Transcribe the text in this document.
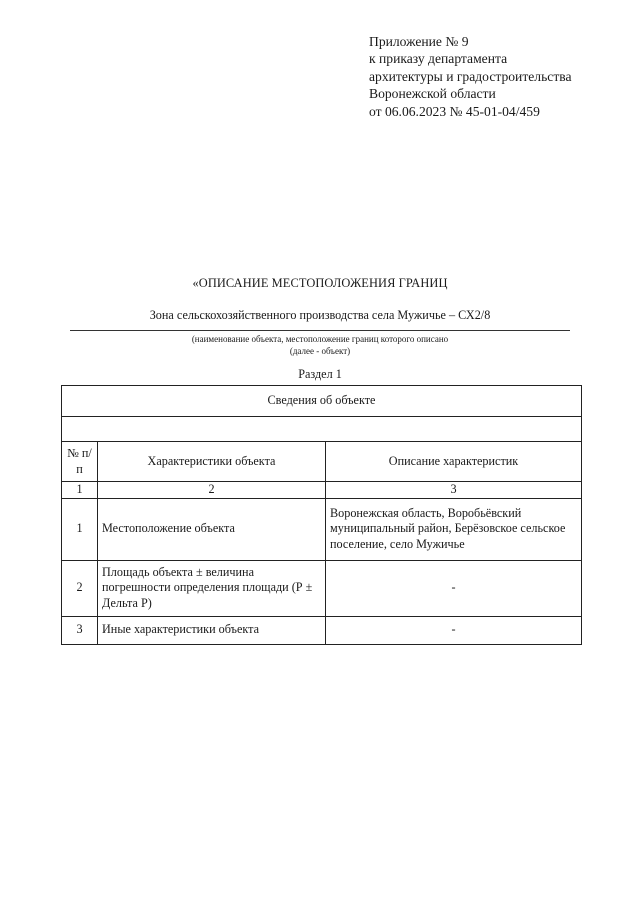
Приложение № 9
к приказу департамента
архитектуры и градостроительства
Воронежской области
от 06.06.2023 № 45-01-04/459
«ОПИСАНИЕ МЕСТОПОЛОЖЕНИЯ ГРАНИЦ
Зона сельскохозяйственного производства села Мужичье – СХ2/8
(наименование объекта, местоположение границ которого описано
(далее - объект)
Раздел 1
Сведения об объекте		

№ п/п	Характеристики объекта	Описание характеристик
1	2	3
1	Местоположение объекта	Воронежская область, Воробьёвский муниципальный район, Берёзовское сельское поселение, село Мужичье
2	Площадь объекта ± величина погрешности определения площади (Р ± Дельта Р)	-
3	Иные характеристики объекта	-
